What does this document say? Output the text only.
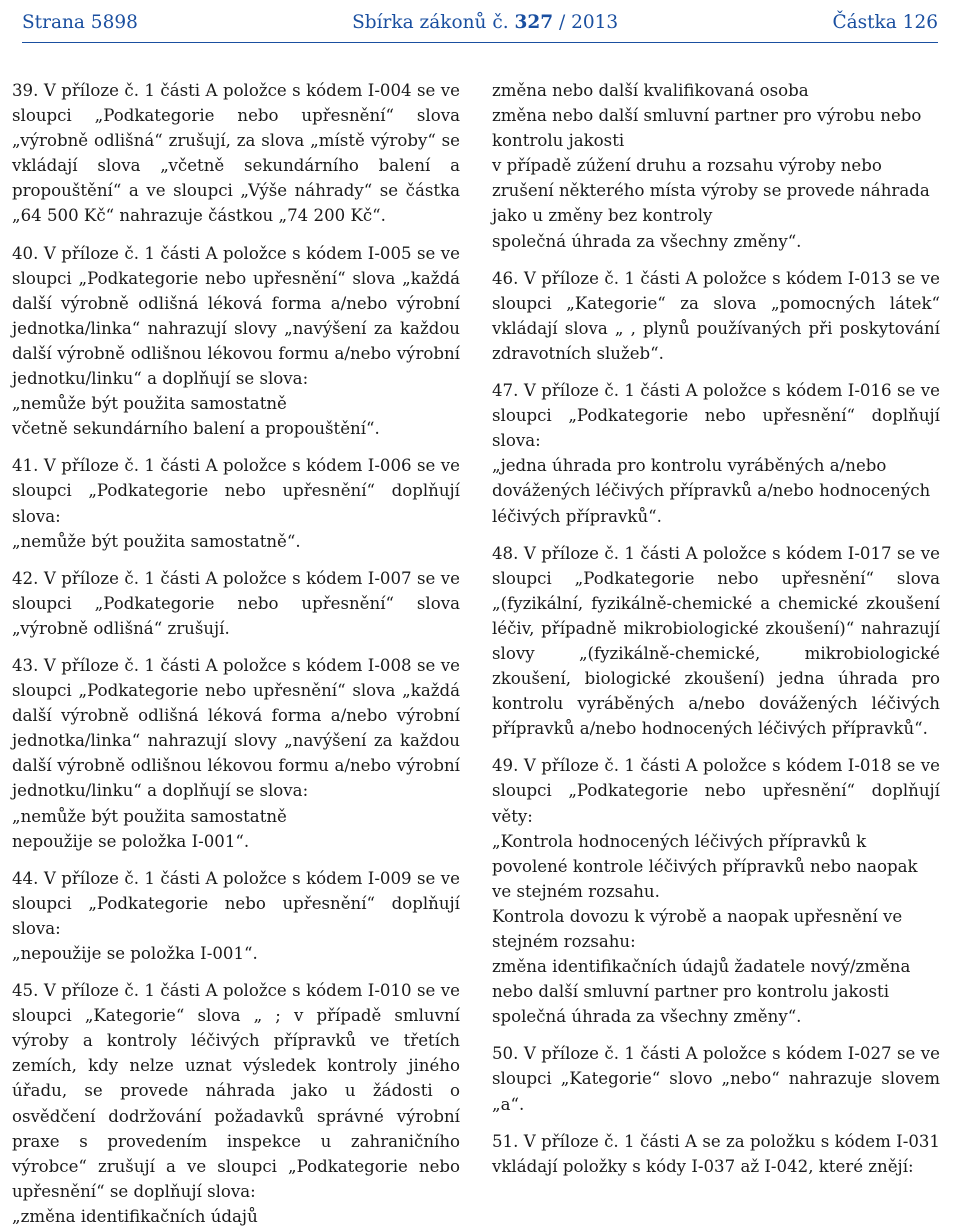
Strana 5898	Sbírka zákonů č. 327 / 2013	Částka 126

39. V příloze č. 1 části A položce s kódem I-004 se ve sloupci „Podkategorie nebo upřesnění“ slova „výrobně odlišná“ zrušují, za slova „místě výroby“ se vkládají slova „včetně sekundárního balení a propouštění“ a ve sloupci „Výše náhrady“ se částka „64 500 Kč“ nahrazuje částkou „74 200 Kč“.

40. V příloze č. 1 části A položce s kódem I-005 se ve sloupci „Podkategorie nebo upřesnění“ slova „každá další výrobně odlišná léková forma a/nebo výrobní jednotka/linka“ nahrazují slovy „navýšení za každou další výrobně odlišnou lékovou formu a/nebo výrobní jednotku/linku“ a doplňují se slova:
„nemůže být použita samostatně
včetně sekundárního balení a propouštění“.

41. V příloze č. 1 části A položce s kódem I-006 se ve sloupci „Podkategorie nebo upřesnění“ doplňují slova:
„nemůže být použita samostatně“.

42. V příloze č. 1 části A položce s kódem I-007 se ve sloupci „Podkategorie nebo upřesnění“ slova „výrobně odlišná“ zrušují.

43. V příloze č. 1 části A položce s kódem I-008 se ve sloupci „Podkategorie nebo upřesnění“ slova „každá další výrobně odlišná léková forma a/nebo výrobní jednotka/linka“ nahrazují slovy „navýšení za každou další výrobně odlišnou lékovou formu a/nebo výrobní jednotku/linku“ a doplňují se slova:
„nemůže být použita samostatně
nepoužije se položka I-001“.

44. V příloze č. 1 části A položce s kódem I-009 se ve sloupci „Podkategorie nebo upřesnění“ doplňují slova:
„nepoužije se položka I-001“.

45. V příloze č. 1 části A položce s kódem I-010 se ve sloupci „Kategorie“ slova „ ; v případě smluvní výroby a kontroly léčivých přípravků ve třetích zemích, kdy nelze uznat výsledek kontroly jiného úřadu, se provede náhrada jako u žádosti o osvědčení dodržování požadavků správné výrobní praxe s provedením inspekce u zahraničního výrobce“ zrušují a ve sloupci „Podkategorie nebo upřesnění“ se doplňují slova:
„změna identifikačních údajů

změna nebo další kvalifikovaná osoba
změna nebo další smluvní partner pro výrobu nebo kontrolu jakosti
v případě zúžení druhu a rozsahu výroby nebo zrušení některého místa výroby se provede náhrada jako u změny bez kontroly
společná úhrada za všechny změny“.

46. V příloze č. 1 části A položce s kódem I-013 se ve sloupci „Kategorie“ za slova „pomocných látek“ vkládají slova „ , plynů používaných při poskytování zdravotních služeb“.

47. V příloze č. 1 části A položce s kódem I-016 se ve sloupci „Podkategorie nebo upřesnění“ doplňují slova:
„jedna úhrada pro kontrolu vyráběných a/nebo dovážených léčivých přípravků a/nebo hodnocených léčivých přípravků“.

48. V příloze č. 1 části A položce s kódem I-017 se ve sloupci „Podkategorie nebo upřesnění“ slova „(fyzikální, fyzikálně-chemické a chemické zkoušení léčiv, případně mikrobiologické zkoušení)“ nahrazují slovy „(fyzikálně-chemické, mikrobiologické zkoušení, biologické zkoušení) jedna úhrada pro kontrolu vyráběných a/nebo dovážených léčivých přípravků a/nebo hodnocených léčivých přípravků“.

49. V příloze č. 1 části A položce s kódem I-018 se ve sloupci „Podkategorie nebo upřesnění“ doplňují věty:
„Kontrola hodnocených léčivých přípravků k povolené kontrole léčivých přípravků nebo naopak ve stejném rozsahu.
Kontrola dovozu k výrobě a naopak upřesnění ve stejném rozsahu:
změna identifikačních údajů žadatele nový/změna nebo další smluvní partner pro kontrolu jakosti společná úhrada za všechny změny“.

50. V příloze č. 1 části A položce s kódem I-027 se ve sloupci „Kategorie“ slovo „nebo“ nahrazuje slovem „a“.

51. V příloze č. 1 části A se za položku s kódem I-031 vkládají položky s kódy I-037 až I-042, které znějí:
